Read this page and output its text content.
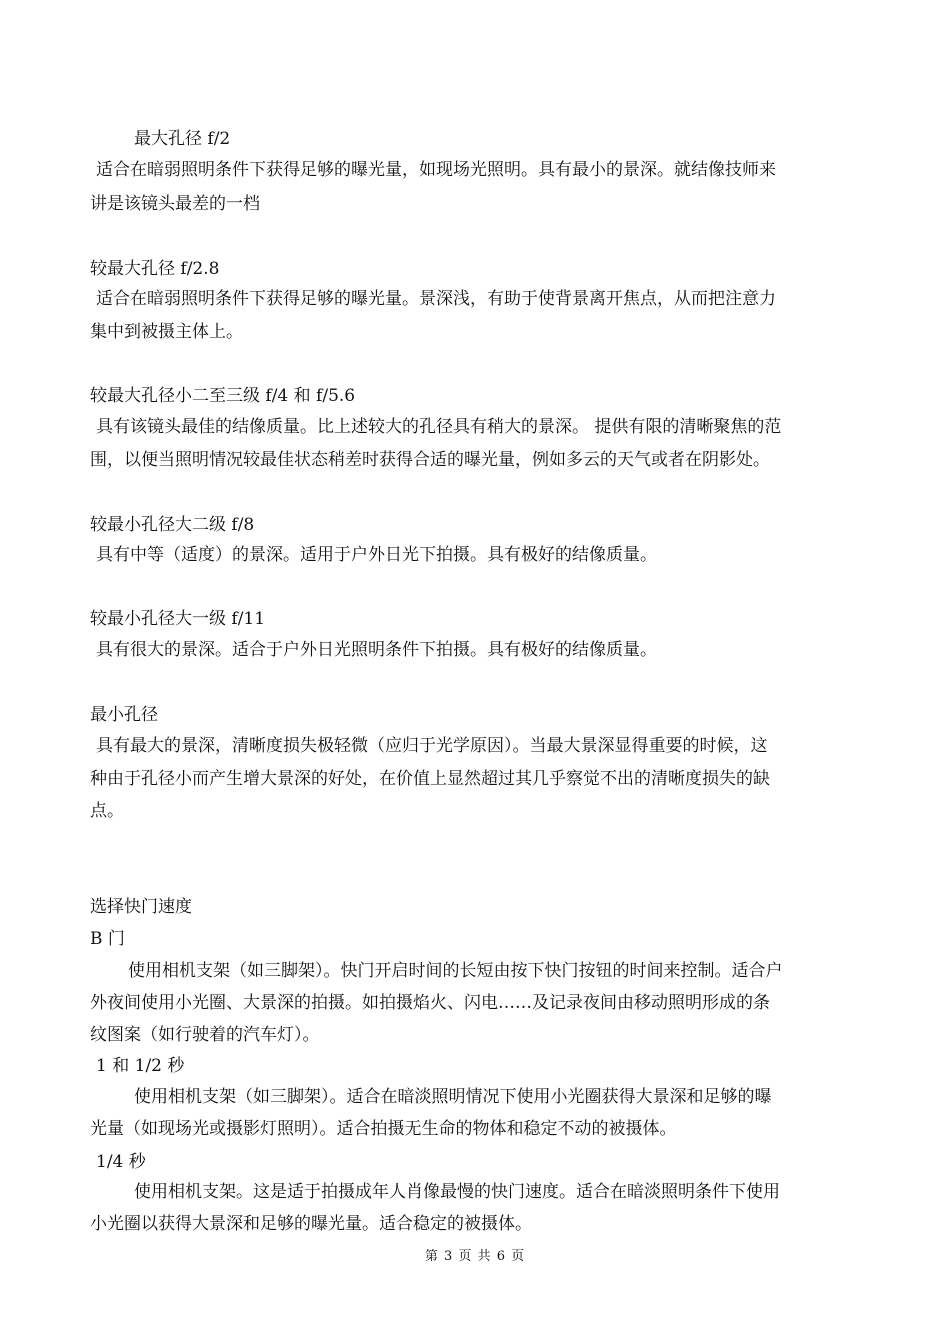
最大孔径 f/2
适合在暗弱照明条件下获得足够的曝光量，如现场光照明。具有最小的景深。就结像技师来
讲是该镜头最差的一档
较最大孔径 f/2.8
适合在暗弱照明条件下获得足够的曝光量。景深浅，有助于使背景离开焦点，从而把注意力
集中到被摄主体上。
较最大孔径小二至三级 f/4 和 f/5.6
具有该镜头最佳的结像质量。比上述较大的孔径具有稍大的景深。 提供有限的清晰聚焦的范
围，以便当照明情况较最佳状态稍差时获得合适的曝光量，例如多云的天气或者在阴影处。
较最小孔径大二级 f/8
具有中等（适度）的景深。适用于户外日光下拍摄。具有极好的结像质量。
较最小孔径大一级 f/11
具有很大的景深。适合于户外日光照明条件下拍摄。具有极好的结像质量。
最小孔径
具有最大的景深，清晰度损失极轻微（应归于光学原因）。当最大景深显得重要的时候，这
种由于孔径小而产生增大景深的好处，在价值上显然超过其几乎察觉不出的清晰度损失的缺
点。
选择快门速度
B 门
使用相机支架（如三脚架）。快门开启时间的长短由按下快门按钮的时间来控制。适合户
外夜间使用小光圈、大景深的拍摄。如拍摄焰火、闪电……及记录夜间由移动照明形成的条
纹图案（如行驶着的汽车灯）。
1 和 1/2 秒
使用相机支架（如三脚架）。适合在暗淡照明情况下使用小光圈获得大景深和足够的曝
光量（如现场光或摄影灯照明）。适合拍摄无生命的物体和稳定不动的被摄体。
1/4 秒
使用相机支架。这是适于拍摄成年人肖像最慢的快门速度。适合在暗淡照明条件下使用
小光圈以获得大景深和足够的曝光量。适合稳定的被摄体。
第 3 页 共 6 页
